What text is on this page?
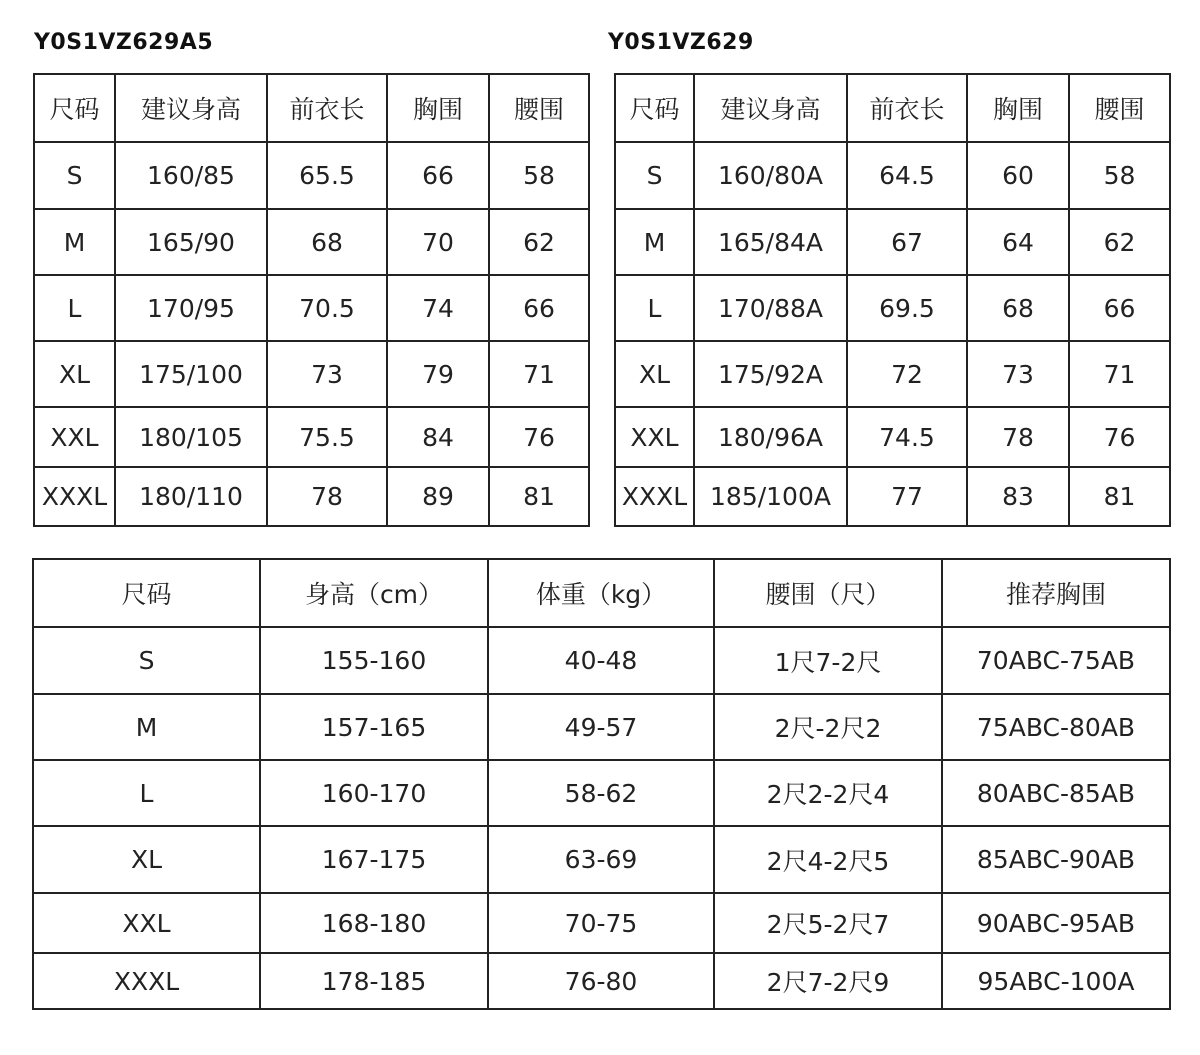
Y0S1VZ629A5	Y0S1VZ629
尺码	建议身高	前衣长	胸围	腰围
S	160/85	65.5	66	58
M	165/90	68	70	62
L	170/95	70.5	74	66
XL	175/100	73	79	71
XXL	180/105	75.5	84	76
XXXL	180/110	78	89	81
尺码	建议身高	前衣长	胸围	腰围
S	160/80A	64.5	60	58
M	165/84A	67	64	62
L	170/88A	69.5	68	66
XL	175/92A	72	73	71
XXL	180/96A	74.5	78	76
XXXL	185/100A	77	83	81
尺码	身高（cm）	体重（kg）	腰围（尺）	推荐胸围
S	155-160	40-48	1尺7-2尺	70ABC-75AB
M	157-165	49-57	2尺-2尺2	75ABC-80AB
L	160-170	58-62	2尺2-2尺4	80ABC-85AB
XL	167-175	63-69	2尺4-2尺5	85ABC-90AB
XXL	168-180	70-75	2尺5-2尺7	90ABC-95AB
XXXL	178-185	76-80	2尺7-2尺9	95ABC-100A
